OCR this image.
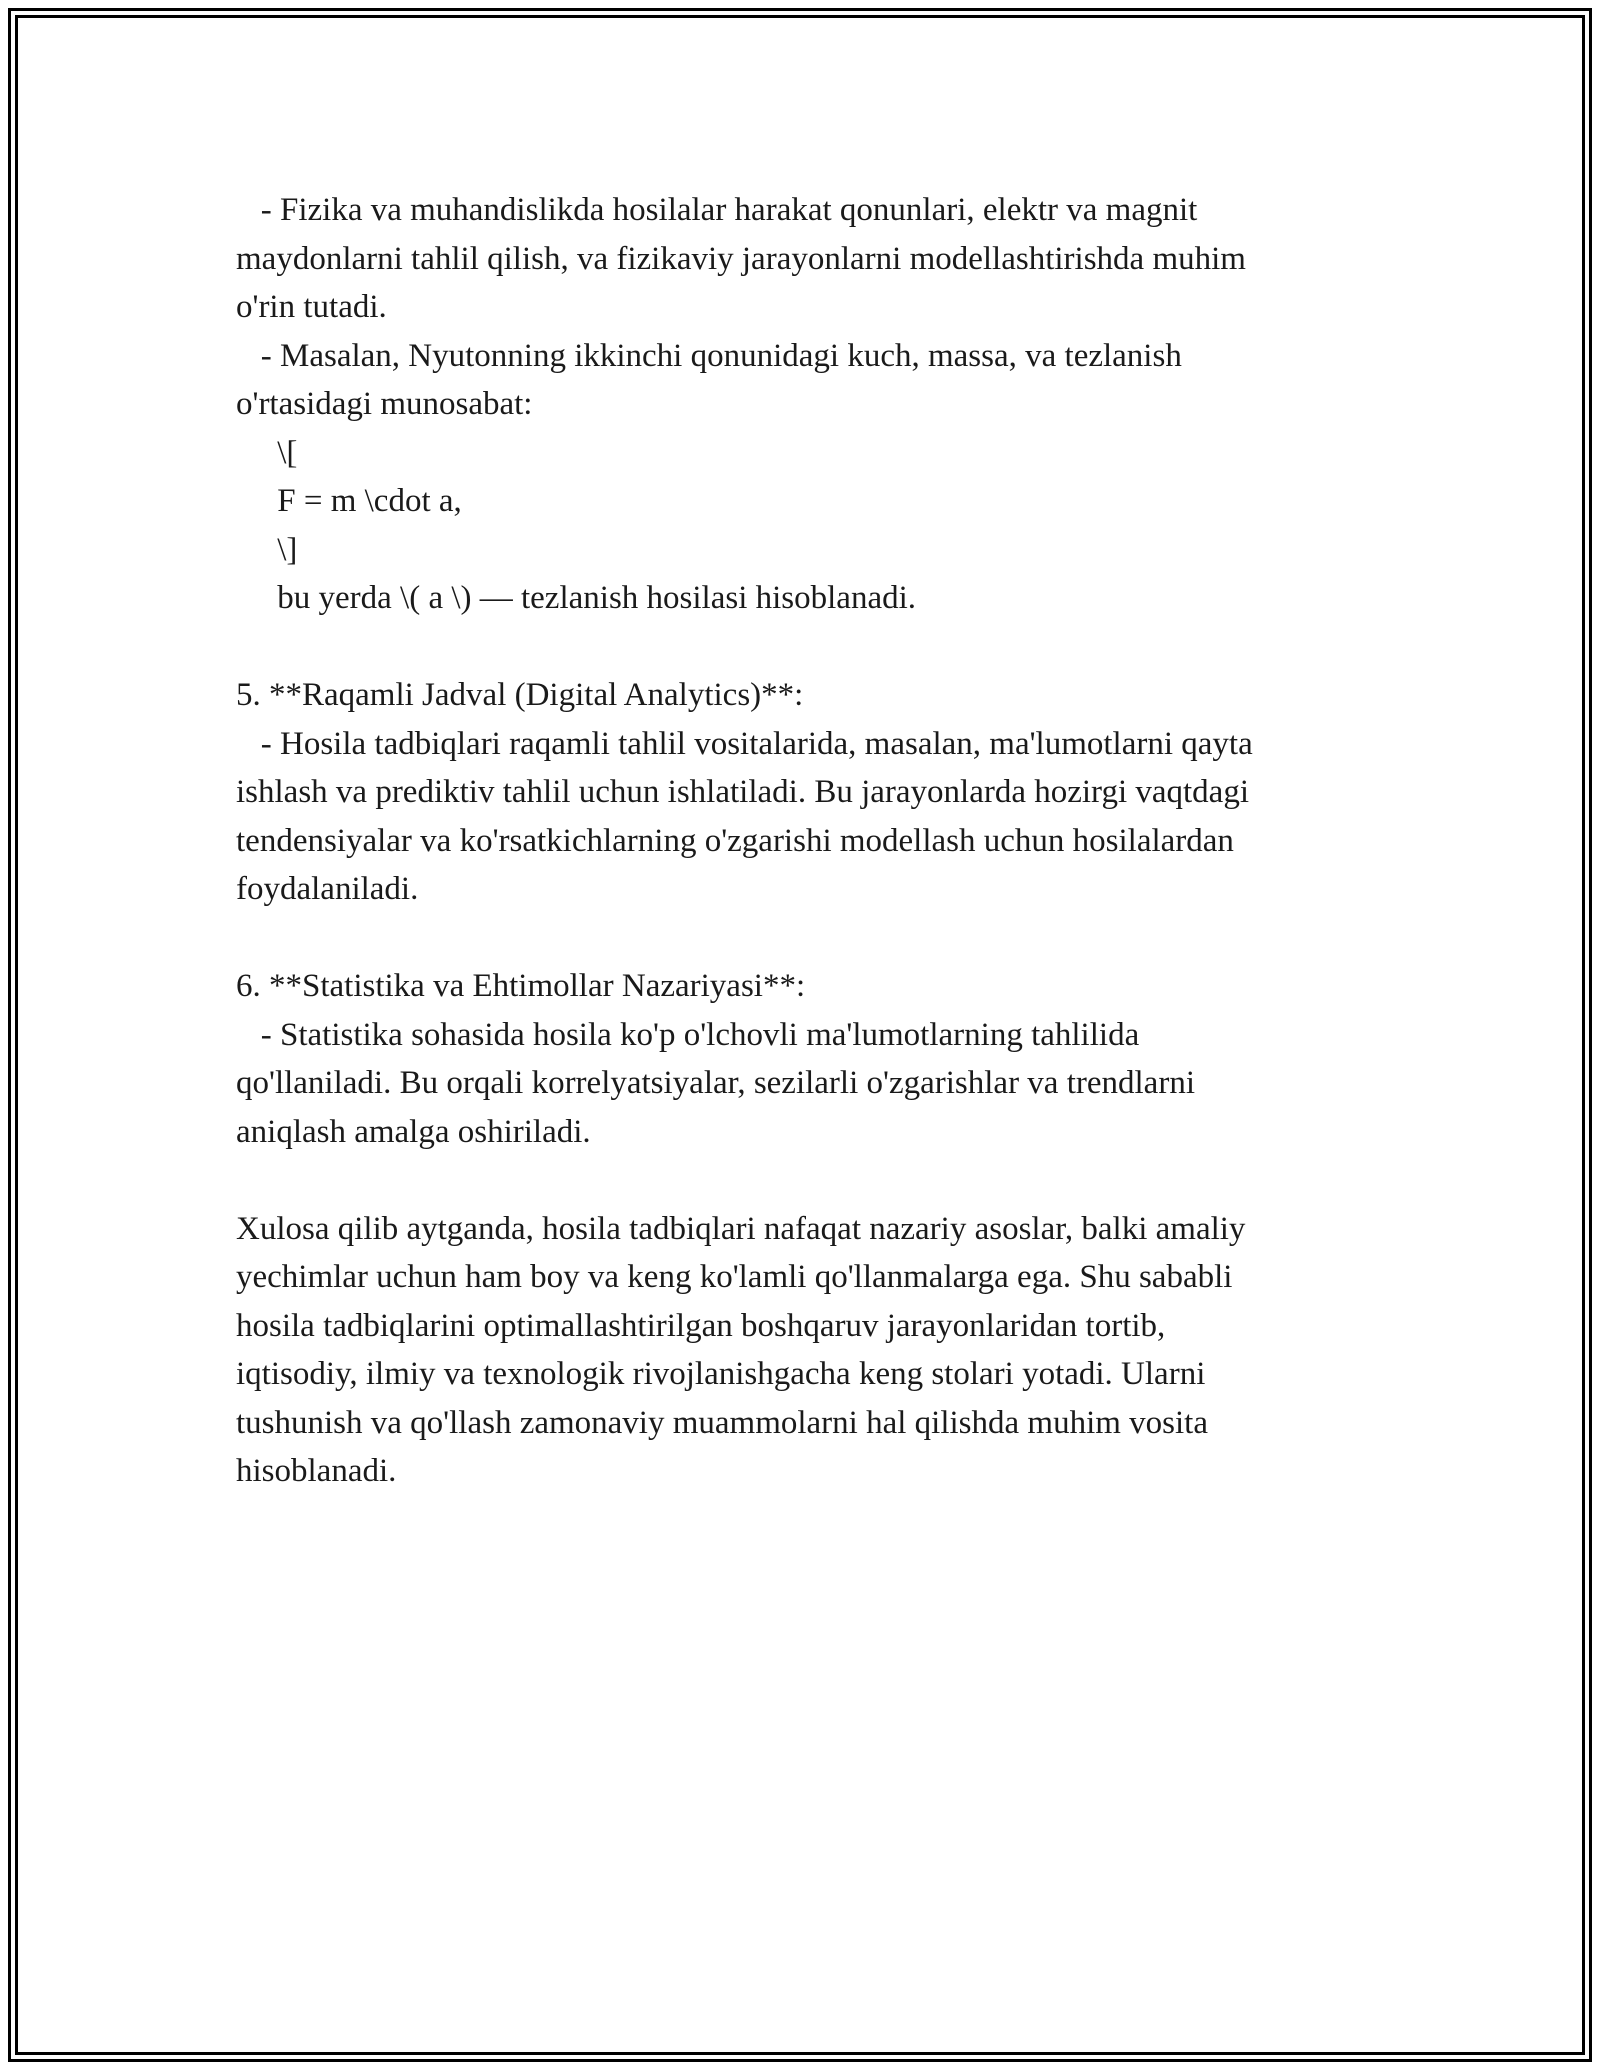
- Fizika va muhandislikda hosilalar harakat qonunlari, elektr va magnit
maydonlarni tahlil qilish, va fizikaviy jarayonlarni modellashtirishda muhim
o'rin tutadi.
- Masalan, Nyutonning ikkinchi qonunidagi kuch, massa, va tezlanish
o'rtasidagi munosabat:
\[
F = m \cdot a,
\]
bu yerda \( a \) — tezlanish hosilasi hisoblanadi.
5. **Raqamli Jadval (Digital Analytics)**:
- Hosila tadbiqlari raqamli tahlil vositalarida, masalan, ma'lumotlarni qayta
ishlash va prediktiv tahlil uchun ishlatiladi. Bu jarayonlarda hozirgi vaqtdagi
tendensiyalar va ko'rsatkichlarning o'zgarishi modellash uchun hosilalardan
foydalaniladi.
6. **Statistika va Ehtimollar Nazariyasi**:
- Statistika sohasida hosila ko'p o'lchovli ma'lumotlarning tahlilida
qo'llaniladi. Bu orqali korrelyatsiyalar, sezilarli o'zgarishlar va trendlarni
aniqlash amalga oshiriladi.
Xulosa qilib aytganda, hosila tadbiqlari nafaqat nazariy asoslar, balki amaliy
yechimlar uchun ham boy va keng ko'lamli qo'llanmalarga ega. Shu sababli
hosila tadbiqlarini optimallashtirilgan boshqaruv jarayonlaridan tortib,
iqtisodiy, ilmiy va texnologik rivojlanishgacha keng stolari yotadi. Ularni
tushunish va qo'llash zamonaviy muammolarni hal qilishda muhim vosita
hisoblanadi.
